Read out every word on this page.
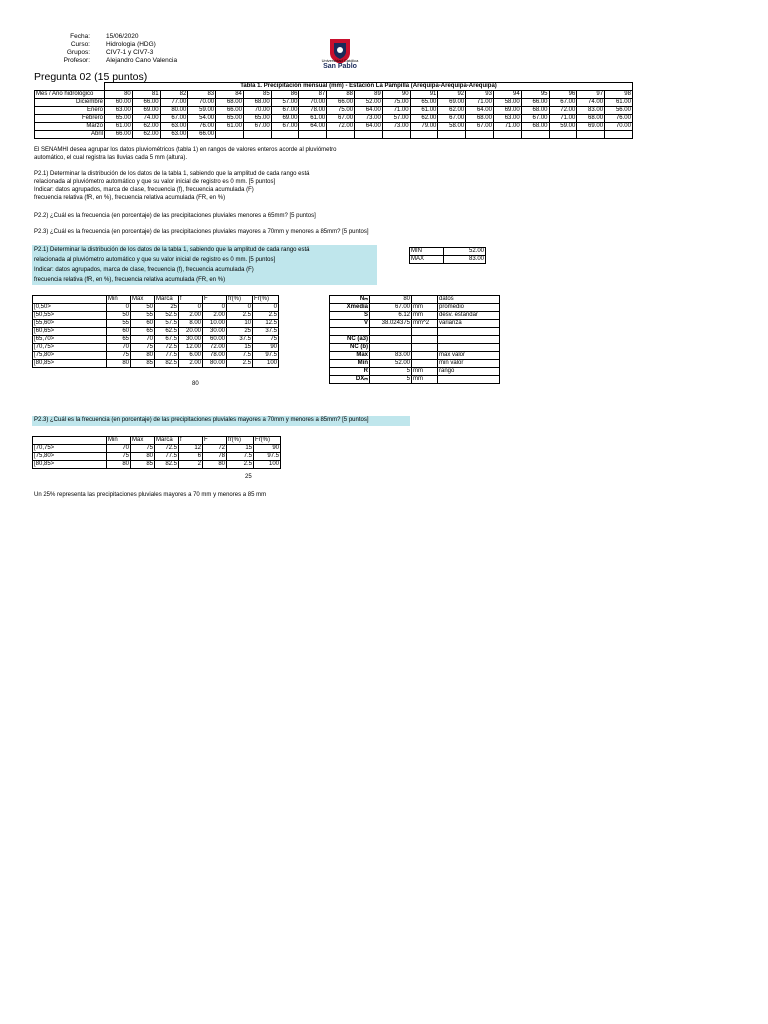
Fecha: 15/06/2020
Curso: Hidrologia (HDG)
Grupos: CIV7-1 y CIV7-3
Profesor: Alejandro Cano Valencia	Universidad Católica
San Pablo
Pregunta 02 (15 puntos)
	Tabla 1. Precipitación mensual (mm) - Estación La Pampilla (Arequipa-Arequipa-Arequipa)																		
Mes / Año hidrológico	80	81	82	83	84	85	86	87	88	89	90	91	92	93	94	95	96	97	98
Diciembre	60.00	66.00	77.00	70.00	68.00	68.00	57.00	70.00	66.00	52.00	75.00	65.00	69.00	71.00	58.00	66.00	67.00	74.00	61.00
Enero	63.00	69.00	80.00	59.00	66.00	70.00	67.00	78.00	75.00	64.00	71.00	61.00	62.00	64.00	69.00	68.00	72.00	83.00	56.00
Febrero	65.00	74.00	67.00	54.00	65.00	65.00	69.00	61.00	67.00	73.00	57.00	62.00	67.00	68.00	63.00	67.00	71.00	68.00	76.00
Marzo	61.00	62.00	63.00	76.00	61.00	67.00	67.00	64.00	72.00	64.00	73.00	79.00	58.00	67.00	71.00	68.00	59.00	69.00	70.00
Abril	66.00	62.00	63.00	66.00															
El SENAMHI desea agrupar los datos pluviométricos (tabla 1) en rangos de valores enteros acorde al pluviómetro
automático, el cual registra las lluvias cada 5 mm (altura).
P2.1) Determinar la distribución de los datos de la tabla 1, sabiendo que la amplitud de cada rango está
relacionada al pluviómetro automático y que su valor inicial de registro es 0 mm. [5 puntos]
Indicar: datos agrupados, marca de clase, frecuencia (f), frecuencia acumulada (F)
frecuencia relativa (fR, en %), frecuencia relativa acumulada (FR, en %)
P2.2) ¿Cuál es la frecuencia (en porcentaje) de las precipitaciones pluviales menores a 65mm? [5 puntos]
P2.3) ¿Cuál es la frecuencia (en porcentaje) de las precipitaciones pluviales mayores a 70mm y menores a 85mm? [5 puntos]
P2.1) Determinar la distribución de los datos de la tabla 1, sabiendo que la amplitud de cada rango está
relacionada al pluviómetro automático y que su valor inicial de registro es 0 mm. [5 puntos]
Indicar: datos agrupados, marca de clase, frecuencia (f), frecuencia acumulada (F)
frecuencia relativa (fR, en %), frecuencia relativa acumulada (FR, en %)
MIN	52.00
MAX	83.00
	Min	Max	Marca	f	F	fr(%)	Fr(%)
[0,50>	0	50	25	0	0	0	0
[50,55>	50	55	52.5	2.00	2.00	2.5	2.5
[55,60>	55	60	57.5	8.00	10.00	10	12.5
[60,65>	60	65	62.5	20.00	30.00	25	37.5
[65,70>	65	70	67.5	30.00	60.00	37.5	75
[70,75>	70	75	72.5	12.00	72.00	15	90
[75,80>	75	80	77.5	6.00	78.00	7.5	97.5
[80,85>	80	85	82.5	2.00	80.00	2.5	100
80
Nₘ	80		datos
Xmedia	67.00	mm	promedio
S	6.12	mm	desv. estandar
V	38.024375	mm^2	varianza

NC (a3)			
NC (b)			
Max	83.00		max valor
Min	52.00		min valor
R	5	mm	rango
DXₘ	5	mm	
P2.3) ¿Cuál es la frecuencia (en porcentaje) de las precipitaciones pluviales mayores a 70mm y menores a 85mm? [5 puntos]
	Min	Max	Marca	f	F	fr(%)	Fr(%)
[70,75>	70	75	72.5	12	72	15	90
[75,80>	75	80	77.5	6	78	7.5	97.5
[80,85>	80	85	82.5	2	80	2.5	100
25
Un 25% representa las precipitaciones pluviales mayores a 70 mm y menores a 85 mm
